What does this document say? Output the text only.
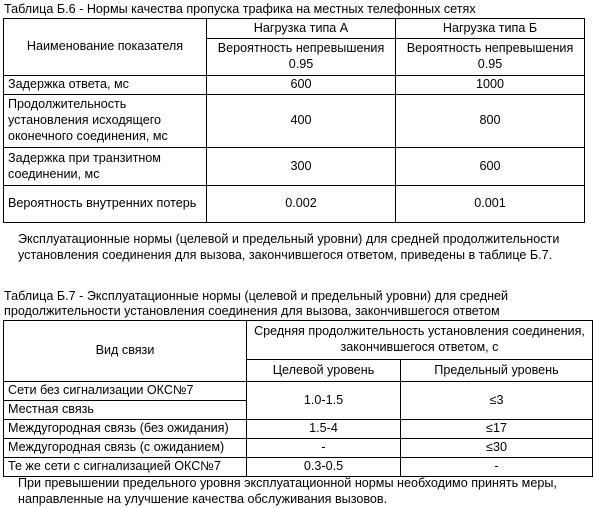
Таблица Б.6 - Нормы качества пропуска трафика на местных телефонных сетях
Наименование показателя	Нагрузка типа А	Нагрузка типа Б
	Вероятность непревышения 0.95	Вероятность непревышения 0.95
Задержка ответа, мс	600	1000
Продолжительность установления исходящего оконечного соединения, мс	400	800
Задержка при транзитном соединении, мс	300	600
Вероятность внутренних потерь	0.002	0.001
Эксплуатационные нормы (целевой и предельный уровни) для средней продолжительности установления соединения для вызова, закончившегося ответом, приведены в таблице Б.7.
Таблица Б.7 - Эксплуатационные нормы (целевой и предельный уровни) для средней
продолжительности установления соединения для вызова, закончившегося ответом
Вид связи	Средняя продолжительность установления соединения, закончившегося ответом, с	
	Целевой уровень	Предельный уровень
Сети без сигнализации ОКС№7	1.0-1.5	≤3
Местная связь		
Междугородная связь (без ожидания)	1.5-4	≤17
Междугородная связь (с ожиданием)	-	≤30
Те же сети с сигнализацией ОКС№7	0.3-0.5	-
При превышении предельного уровня эксплуатационной нормы необходимо принять меры, направленные на улучшение качества обслуживания вызовов.
